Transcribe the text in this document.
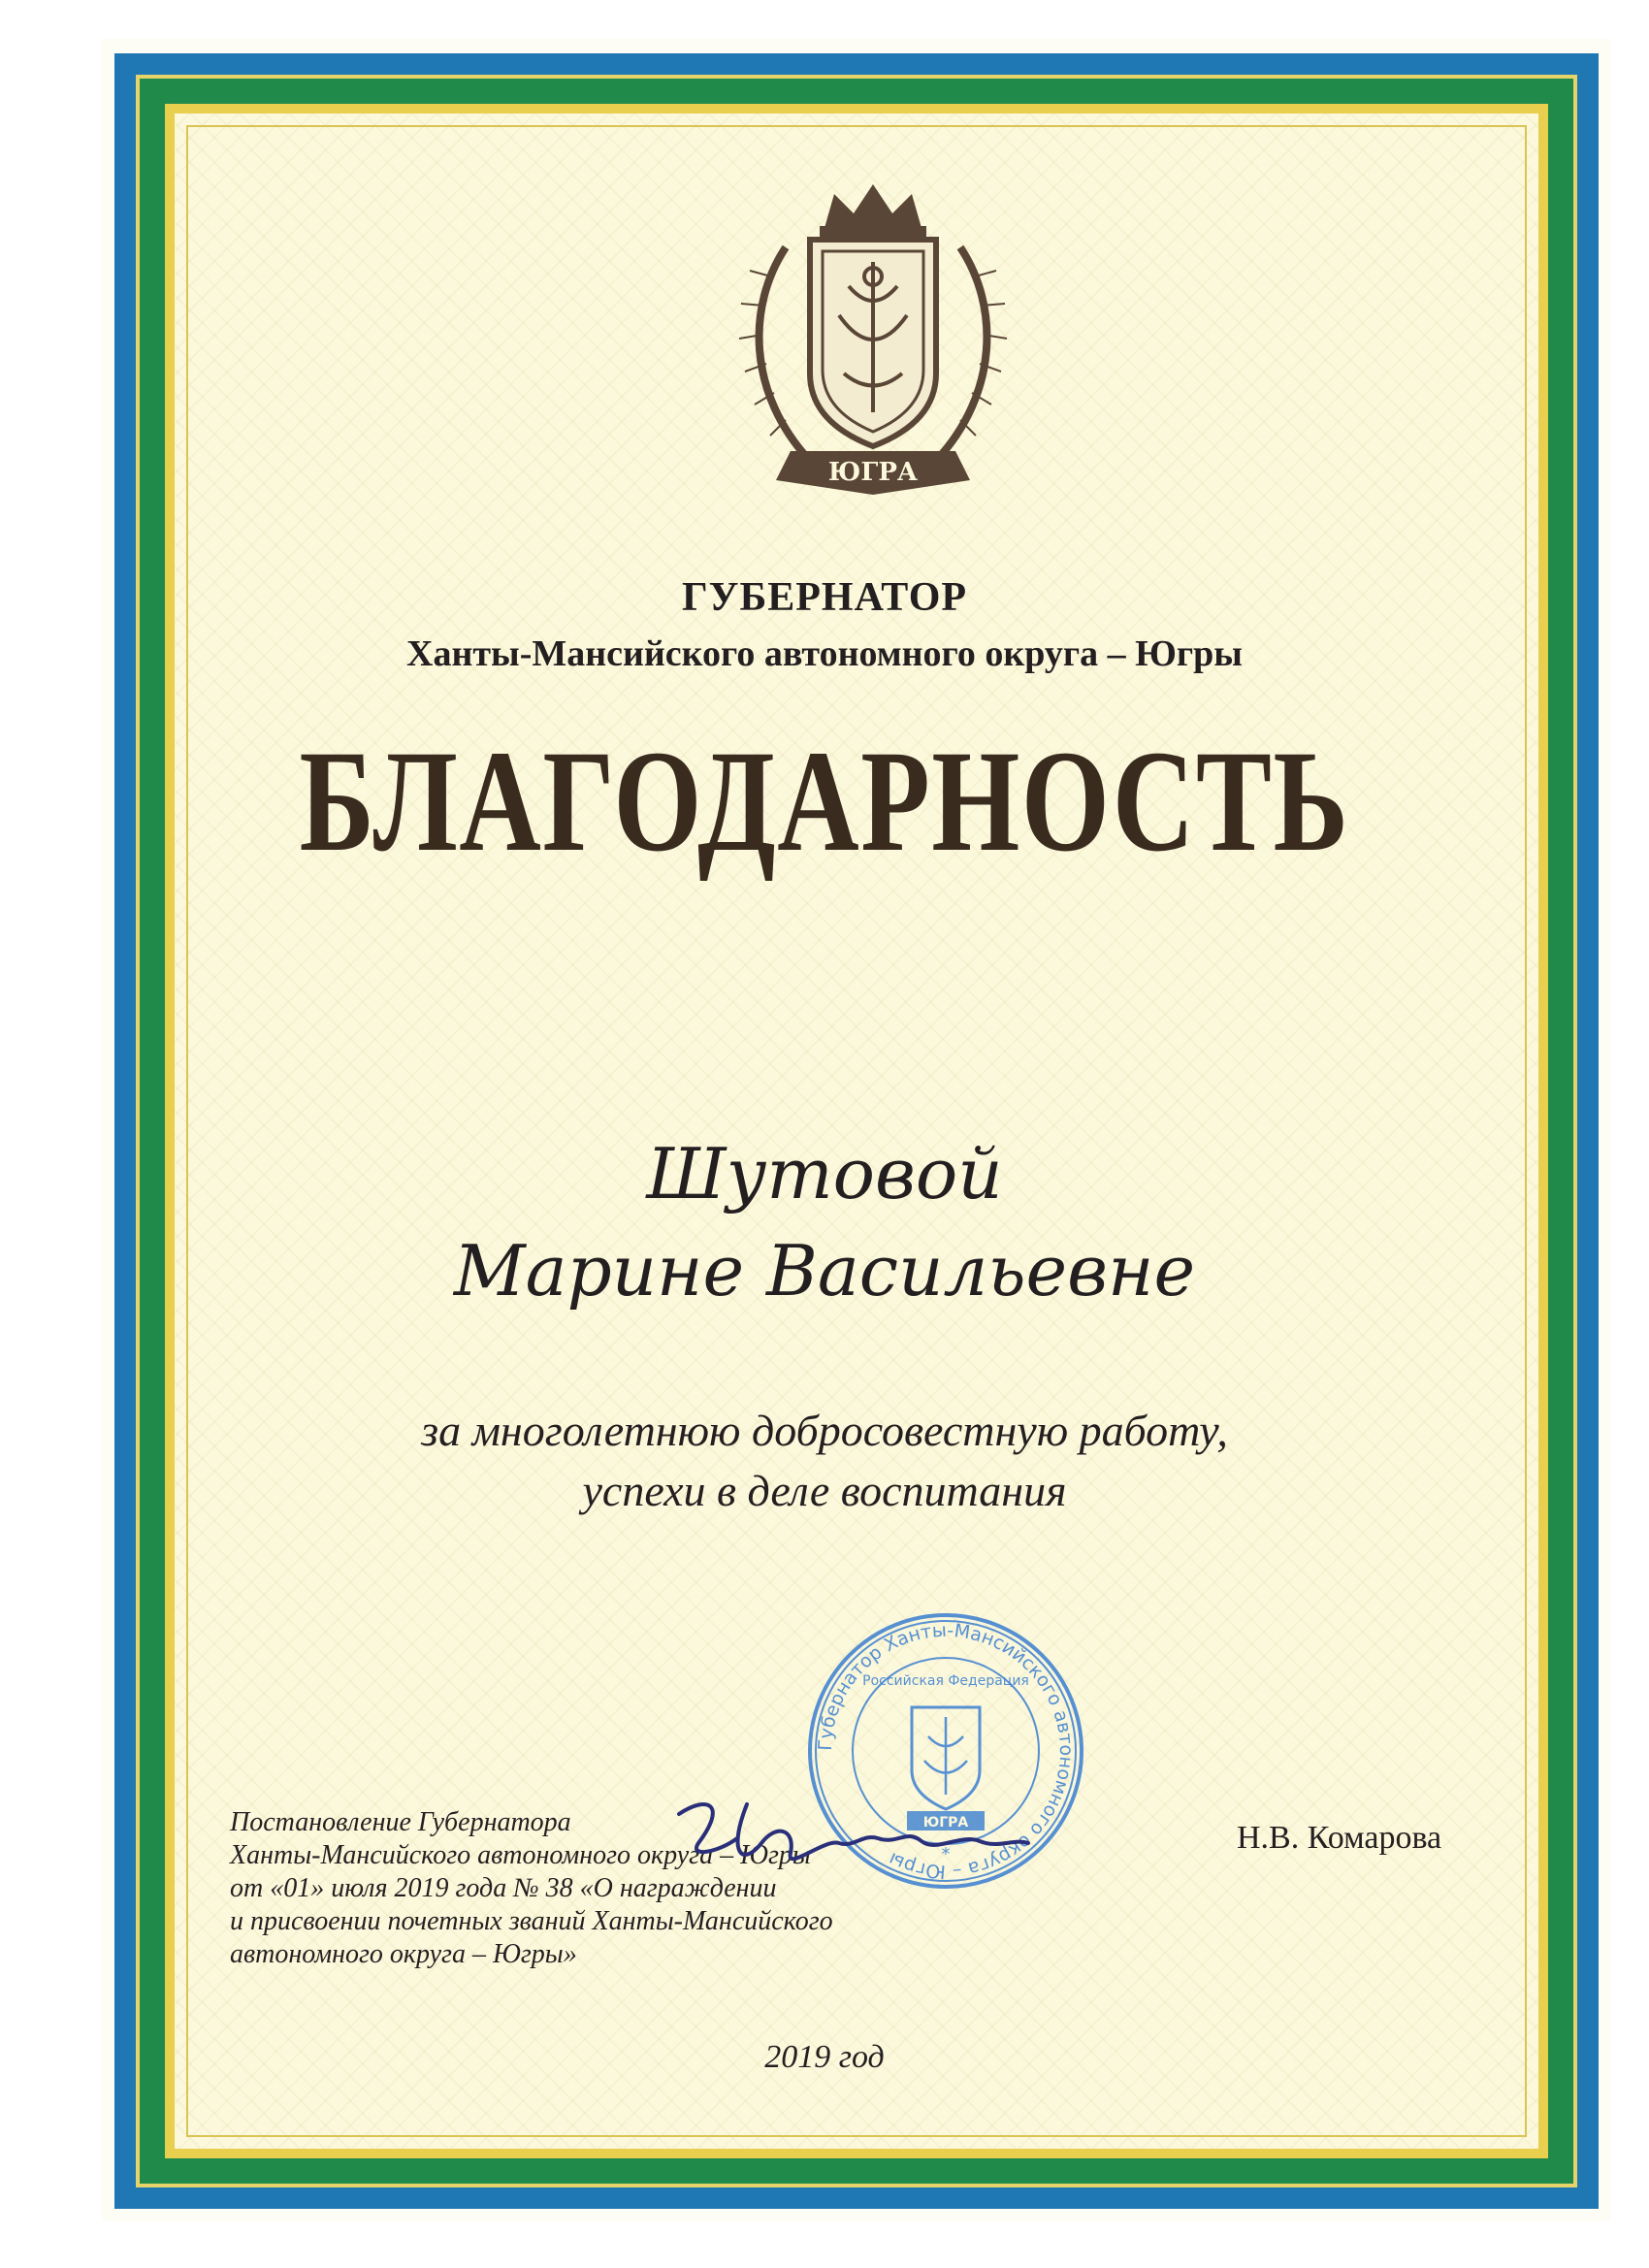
ЮГРА
ГУБЕРНАТОР
Ханты-Мансийского автономного округа – Югры
БЛАГОДАРНОСТЬ
Шутовой
Марине Васильевне
за многолетнюю добросовестную работу,
успехи в деле воспитания
Постановление Губернатора
Ханты-Мансийского автономного округа – Югры
от «01» июля 2019 года № 38 «О награждении
и присвоении почетных званий Ханты-Мансийского
автономного округа – Югры»
Губернатор Ханты-Мансийского автономного округа – Югры
Российская Федерация
ЮГРА
*	Н.В. Комарова
2019 год
